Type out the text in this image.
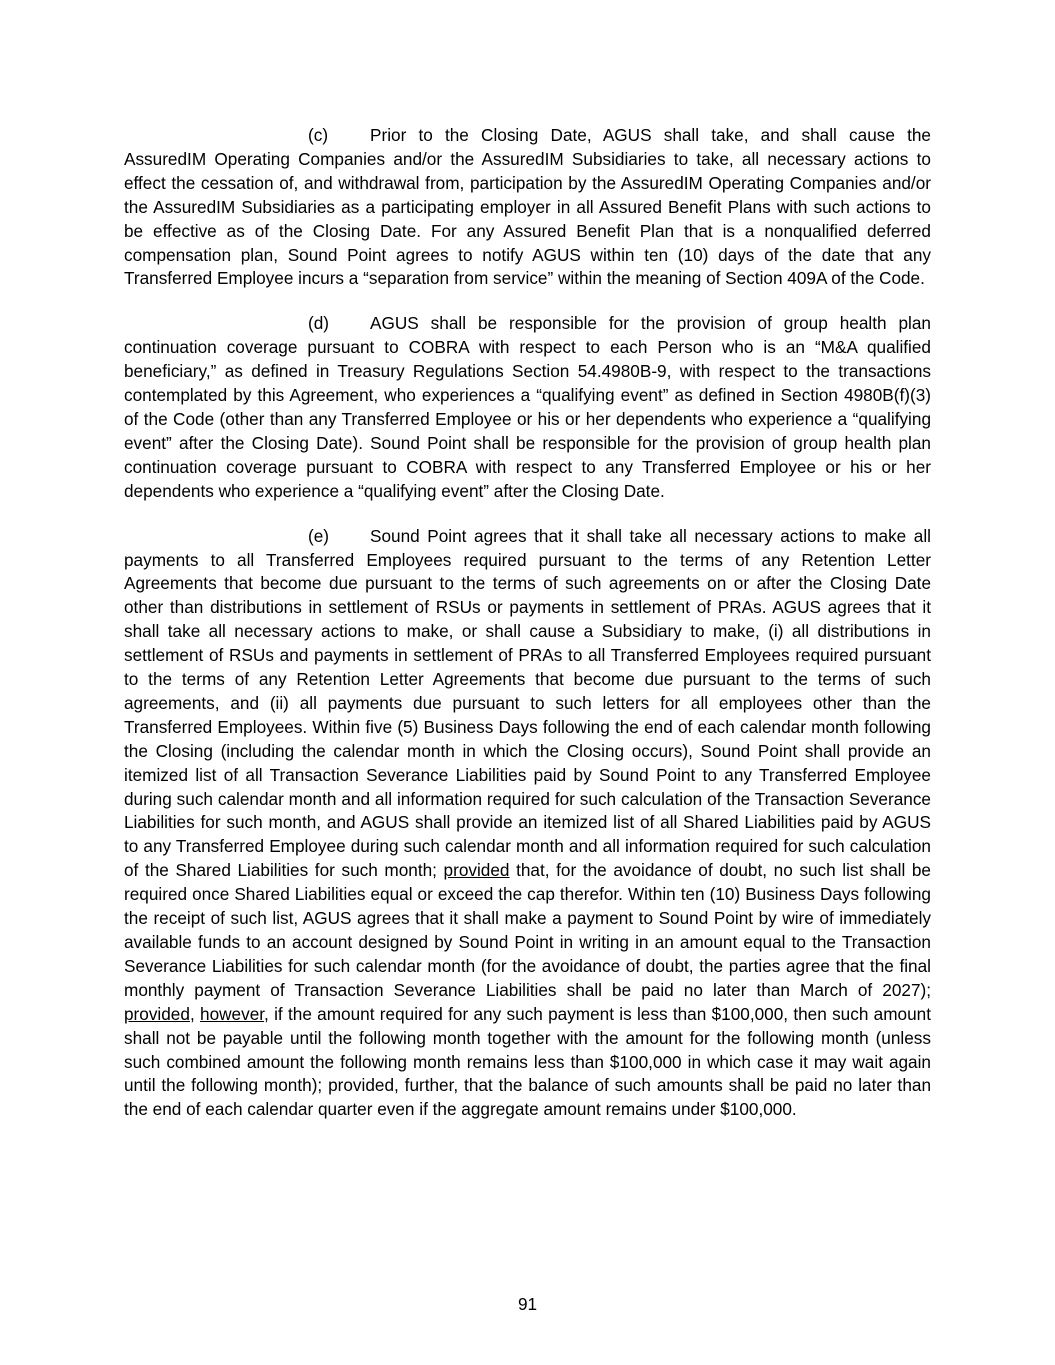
(c) Prior to the Closing Date, AGUS shall take, and shall cause the AssuredIM Operating Companies and/or the AssuredIM Subsidiaries to take, all necessary actions to effect the cessation of, and withdrawal from, participation by the AssuredIM Operating Companies and/or the AssuredIM Subsidiaries as a participating employer in all Assured Benefit Plans with such actions to be effective as of the Closing Date. For any Assured Benefit Plan that is a nonqualified deferred compensation plan, Sound Point agrees to notify AGUS within ten (10) days of the date that any Transferred Employee incurs a “separation from service” within the meaning of Section 409A of the Code.

(d) AGUS shall be responsible for the provision of group health plan continuation coverage pursuant to COBRA with respect to each Person who is an “M&A qualified beneficiary,” as defined in Treasury Regulations Section 54.4980B-9, with respect to the transactions contemplated by this Agreement, who experiences a “qualifying event” as defined in Section 4980B(f)(3) of the Code (other than any Transferred Employee or his or her dependents who experience a “qualifying event” after the Closing Date). Sound Point shall be responsible for the provision of group health plan continuation coverage pursuant to COBRA with respect to any Transferred Employee or his or her dependents who experience a “qualifying event” after the Closing Date.

(e) Sound Point agrees that it shall take all necessary actions to make all payments to all Transferred Employees required pursuant to the terms of any Retention Letter Agreements that become due pursuant to the terms of such agreements on or after the Closing Date other than distributions in settlement of RSUs or payments in settlement of PRAs. AGUS agrees that it shall take all necessary actions to make, or shall cause a Subsidiary to make, (i) all distributions in settlement of RSUs and payments in settlement of PRAs to all Transferred Employees required pursuant to the terms of any Retention Letter Agreements that become due pursuant to the terms of such agreements, and (ii) all payments due pursuant to such letters for all employees other than the Transferred Employees. Within five (5) Business Days following the end of each calendar month following the Closing (including the calendar month in which the Closing occurs), Sound Point shall provide an itemized list of all Transaction Severance Liabilities paid by Sound Point to any Transferred Employee during such calendar month and all information required for such calculation of the Transaction Severance Liabilities for such month, and AGUS shall provide an itemized list of all Shared Liabilities paid by AGUS to any Transferred Employee during such calendar month and all information required for such calculation of the Shared Liabilities for such month; provided that, for the avoidance of doubt, no such list shall be required once Shared Liabilities equal or exceed the cap therefor. Within ten (10) Business Days following the receipt of such list, AGUS agrees that it shall make a payment to Sound Point by wire of immediately available funds to an account designed by Sound Point in writing in an amount equal to the Transaction Severance Liabilities for such calendar month (for the avoidance of doubt, the parties agree that the final monthly payment of Transaction Severance Liabilities shall be paid no later than March of 2027); provided, however, if the amount required for any such payment is less than $100,000, then such amount shall not be payable until the following month together with the amount for the following month (unless such combined amount the following month remains less than $100,000 in which case it may wait again until the following month); provided, further, that the balance of such amounts shall be paid no later than the end of each calendar quarter even if the aggregate amount remains under $100,000.

91
